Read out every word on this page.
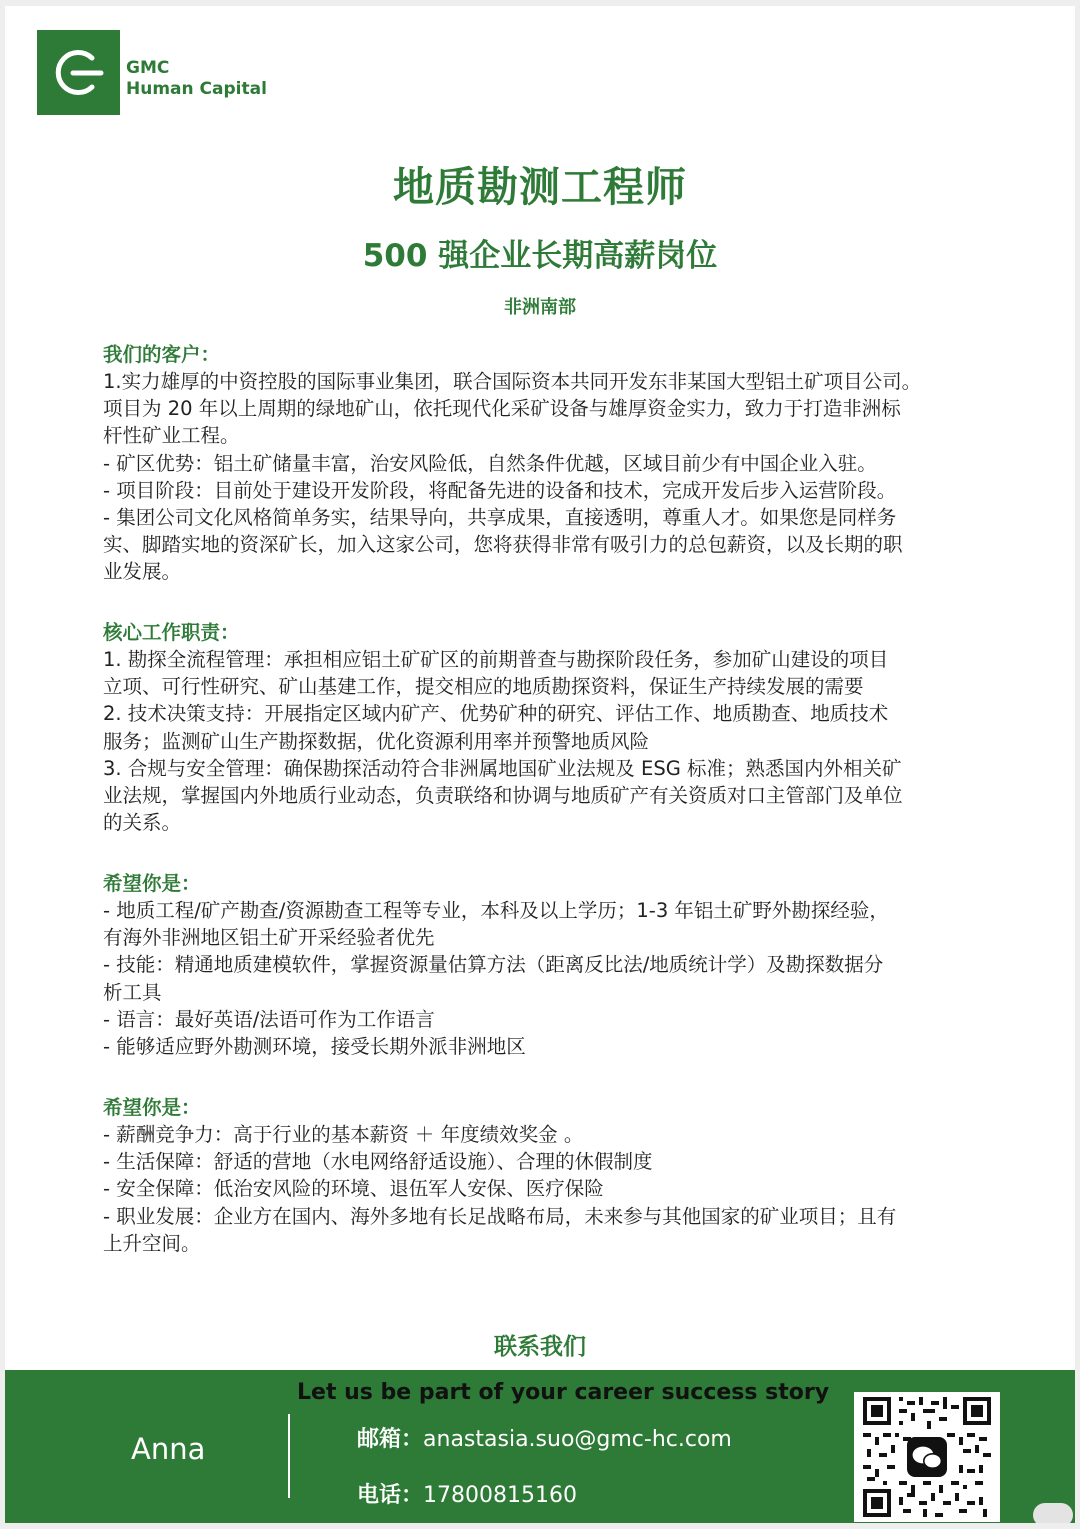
GMC
Human Capital
地质勘测工程师
500 强企业长期高薪岗位
非洲南部

我们的客户：

1.实力雄厚的中资控股的国际事业集团，联合国际资本共同开发东非某国大型铝土矿项目公司。
项目为 20 年以上周期的绿地矿山，依托现代化采矿设备与雄厚资金实力，致力于打造非洲标
杆性矿业工程。
- 矿区优势：铝土矿储量丰富，治安风险低，自然条件优越，区域目前少有中国企业入驻。
- 项目阶段：目前处于建设开发阶段，将配备先进的设备和技术，完成开发后步入运营阶段。
- 集团公司文化风格简单务实，结果导向，共享成果，直接透明，尊重人才。如果您是同样务
实、脚踏实地的资深矿长，加入这家公司，您将获得非常有吸引力的总包薪资，以及长期的职
业发展。

核心工作职责：

1. 勘探全流程管理：承担相应铝土矿矿区的前期普查与勘探阶段任务，参加矿山建设的项目
立项、可行性研究、矿山基建工作，提交相应的地质勘探资料，保证生产持续发展的需要
2. 技术决策支持：开展指定区域内矿产、优势矿种的研究、评估工作、地质勘查、地质技术
服务；监测矿山生产勘探数据，优化资源利用率并预警地质风险
3. 合规与安全管理：确保勘探活动符合非洲属地国矿业法规及 ESG 标准；熟悉国内外相关矿
业法规，掌握国内外地质行业动态，负责联络和协调与地质矿产有关资质对口主管部门及单位
的关系。

希望你是：

- 地质工程/矿产勘查/资源勘查工程等专业，本科及以上学历；1-3 年铝土矿野外勘探经验，
有海外非洲地区铝土矿开采经验者优先
- 技能：精通地质建模软件，掌握资源量估算方法（距离反比法/地质统计学）及勘探数据分
析工具
- 语言：最好英语/法语可作为工作语言
- 能够适应野外勘测环境，接受长期外派非洲地区

希望你是：

- 薪酬竞争力：高于行业的基本薪资 ＋ 年度绩效奖金 。
- 生活保障：舒适的营地（水电网络舒适设施）、合理的休假制度
- 安全保障：低治安风险的环境、退伍军人安保、医疗保险
- 职业发展：企业方在国内、海外多地有长足战略布局，未来参与其他国家的矿业项目；且有
上升空间。
联系我们
Let us be part of your career success story
Anna	邮箱：anastasia.suo@gmc-hc.com
电话：17800815160
